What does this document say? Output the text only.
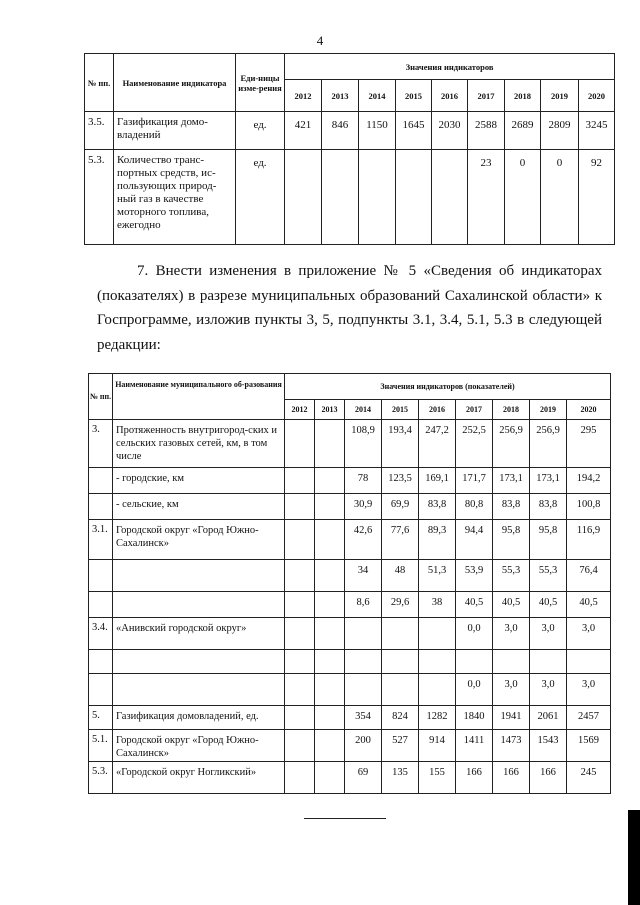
4
№ пп.	Наименование индикатора	Еди-ницы изме-рения	Значения индикаторов								
			2012	2013	2014	2015	2016	2017	2018	2019	2020
3.5.	Газификация домо-владений	ед.	421	846	1150	1645	2030	2588	2689	2809	3245
5.3.	Количество транс-портных средств, ис-пользующих природ-ный газ в качестве моторного топлива, ежегодно	ед.						23	0	0	92

7. Внести изменения в приложение № 5 «Сведения об индикаторах (показателях) в разрезе муниципальных образований Сахалинской области» к Госпрограмме, изложив пункты 3, 5, подпункты 3.1, 3.4, 5.1, 5.3 в следующей редакции:

№ пп.	Наименование муниципального об-разования	Значения индикаторов (показателей)								
		2012	2013	2014	2015	2016	2017	2018	2019	2020
3.	Протяженность внутригород-ских и сельских газовых сетей, км, в том числе			108,9	193,4	247,2	252,5	256,9	256,9	295
	- городские, км			78	123,5	169,1	171,7	173,1	173,1	194,2
	- сельские, км			30,9	69,9	83,8	80,8	83,8	83,8	100,8
3.1.	Городской округ «Город Южно-Сахалинск»			42,6	77,6	89,3	94,4	95,8	95,8	116,9
				34	48	51,3	53,9	55,3	55,3	76,4
				8,6	29,6	38	40,5	40,5	40,5	40,5
3.4.	«Анивский городской округ»						0,0	3,0	3,0	3,0

							0,0	3,0	3,0	3,0
5.	Газификация домовладений, ед.			354	824	1282	1840	1941	2061	2457
5.1.	Городской округ «Город Южно-Сахалинск»			200	527	914	1411	1473	1543	1569
5.3.	«Городской округ Ногликский»			69	135	155	166	166	166	245
